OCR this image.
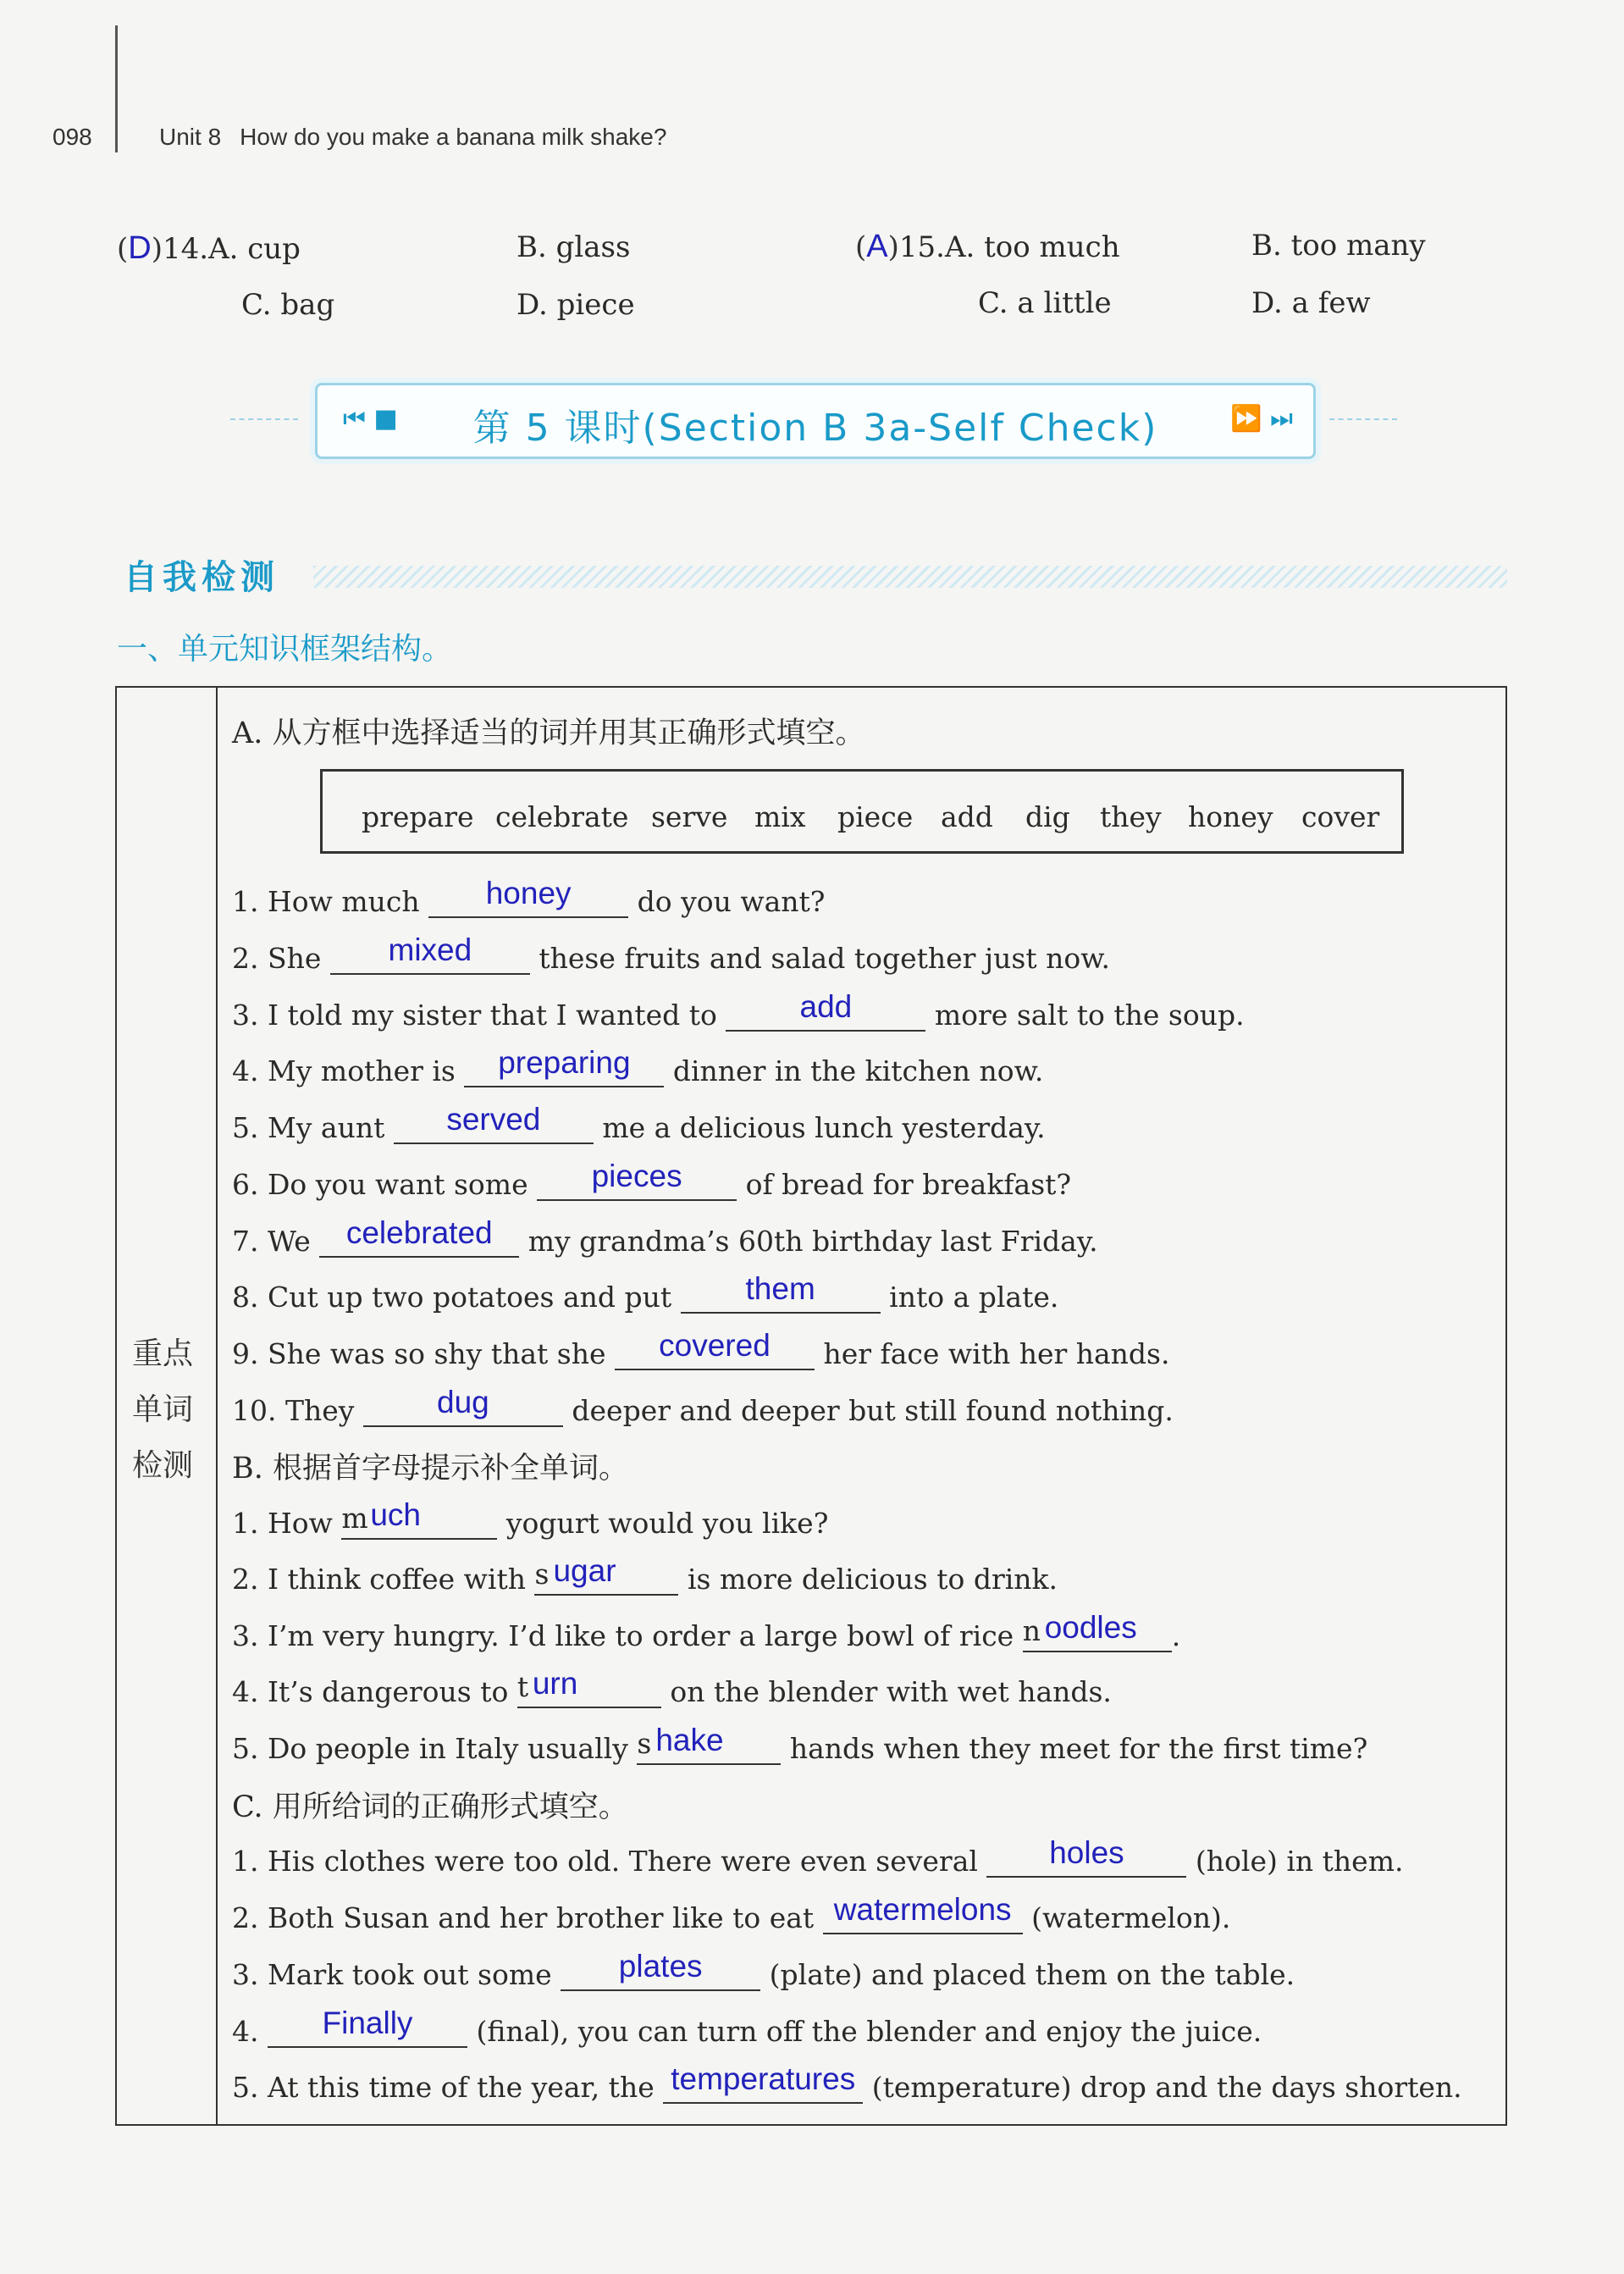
098	Unit 8 How do you make a banana milk shake?
(D)14.A. cup	B. glass
C. bag	D. piece
(A)15.A. too much	B. too many
C. a little	D. a few
⏮ ■	第 5 课时(Section B 3a-Self Check)	⏩ ⏭
自我检测
一、单元知识框架结构。
重点
单词
检测
A. 从方框中选择适当的词并用其正确形式填空。
prepare celebrate serve mix piece add dig they honey cover
1. How much	honey	do you want?
2. She	mixed	these fruits and salad together just now.
3. I told my sister that I wanted to	add	more salt to the soup.
4. My mother is	preparing	dinner in the kitchen now.
5. My aunt	served	me a delicious lunch yesterday.
6. Do you want some	pieces	of bread for breakfast?
7. We celebrated my grandma’s 60th birthday last Friday.
8. Cut up two potatoes and put	them	into a plate.
9. She was so shy that she	covered	her face with her hands.
10. They	dug	deeper and deeper but still found nothing.
B. 根据首字母提示补全单词。
1. How m uch	yogurt would you like?
2. I think coffee with s ugar	is more delicious to drink.
3. I’m very hungry. I’d like to order a large bowl of rice n oodles	.
4. It’s dangerous to t urn	on the blender with wet hands.
5. Do people in Italy usually s hake	hands when they meet for the first time?
C. 用所给词的正确形式填空。
1. His clothes were too old. There were even several	holes	(hole) in them.
2. Both Susan and her brother like to eat watermelons (watermelon).
3. Mark took out some	plates	(plate) and placed them on the table.
4.	Finally	(final), you can turn off the blender and enjoy the juice.
5. At this time of the year, the temperatures (temperature) drop and the days shorten.
